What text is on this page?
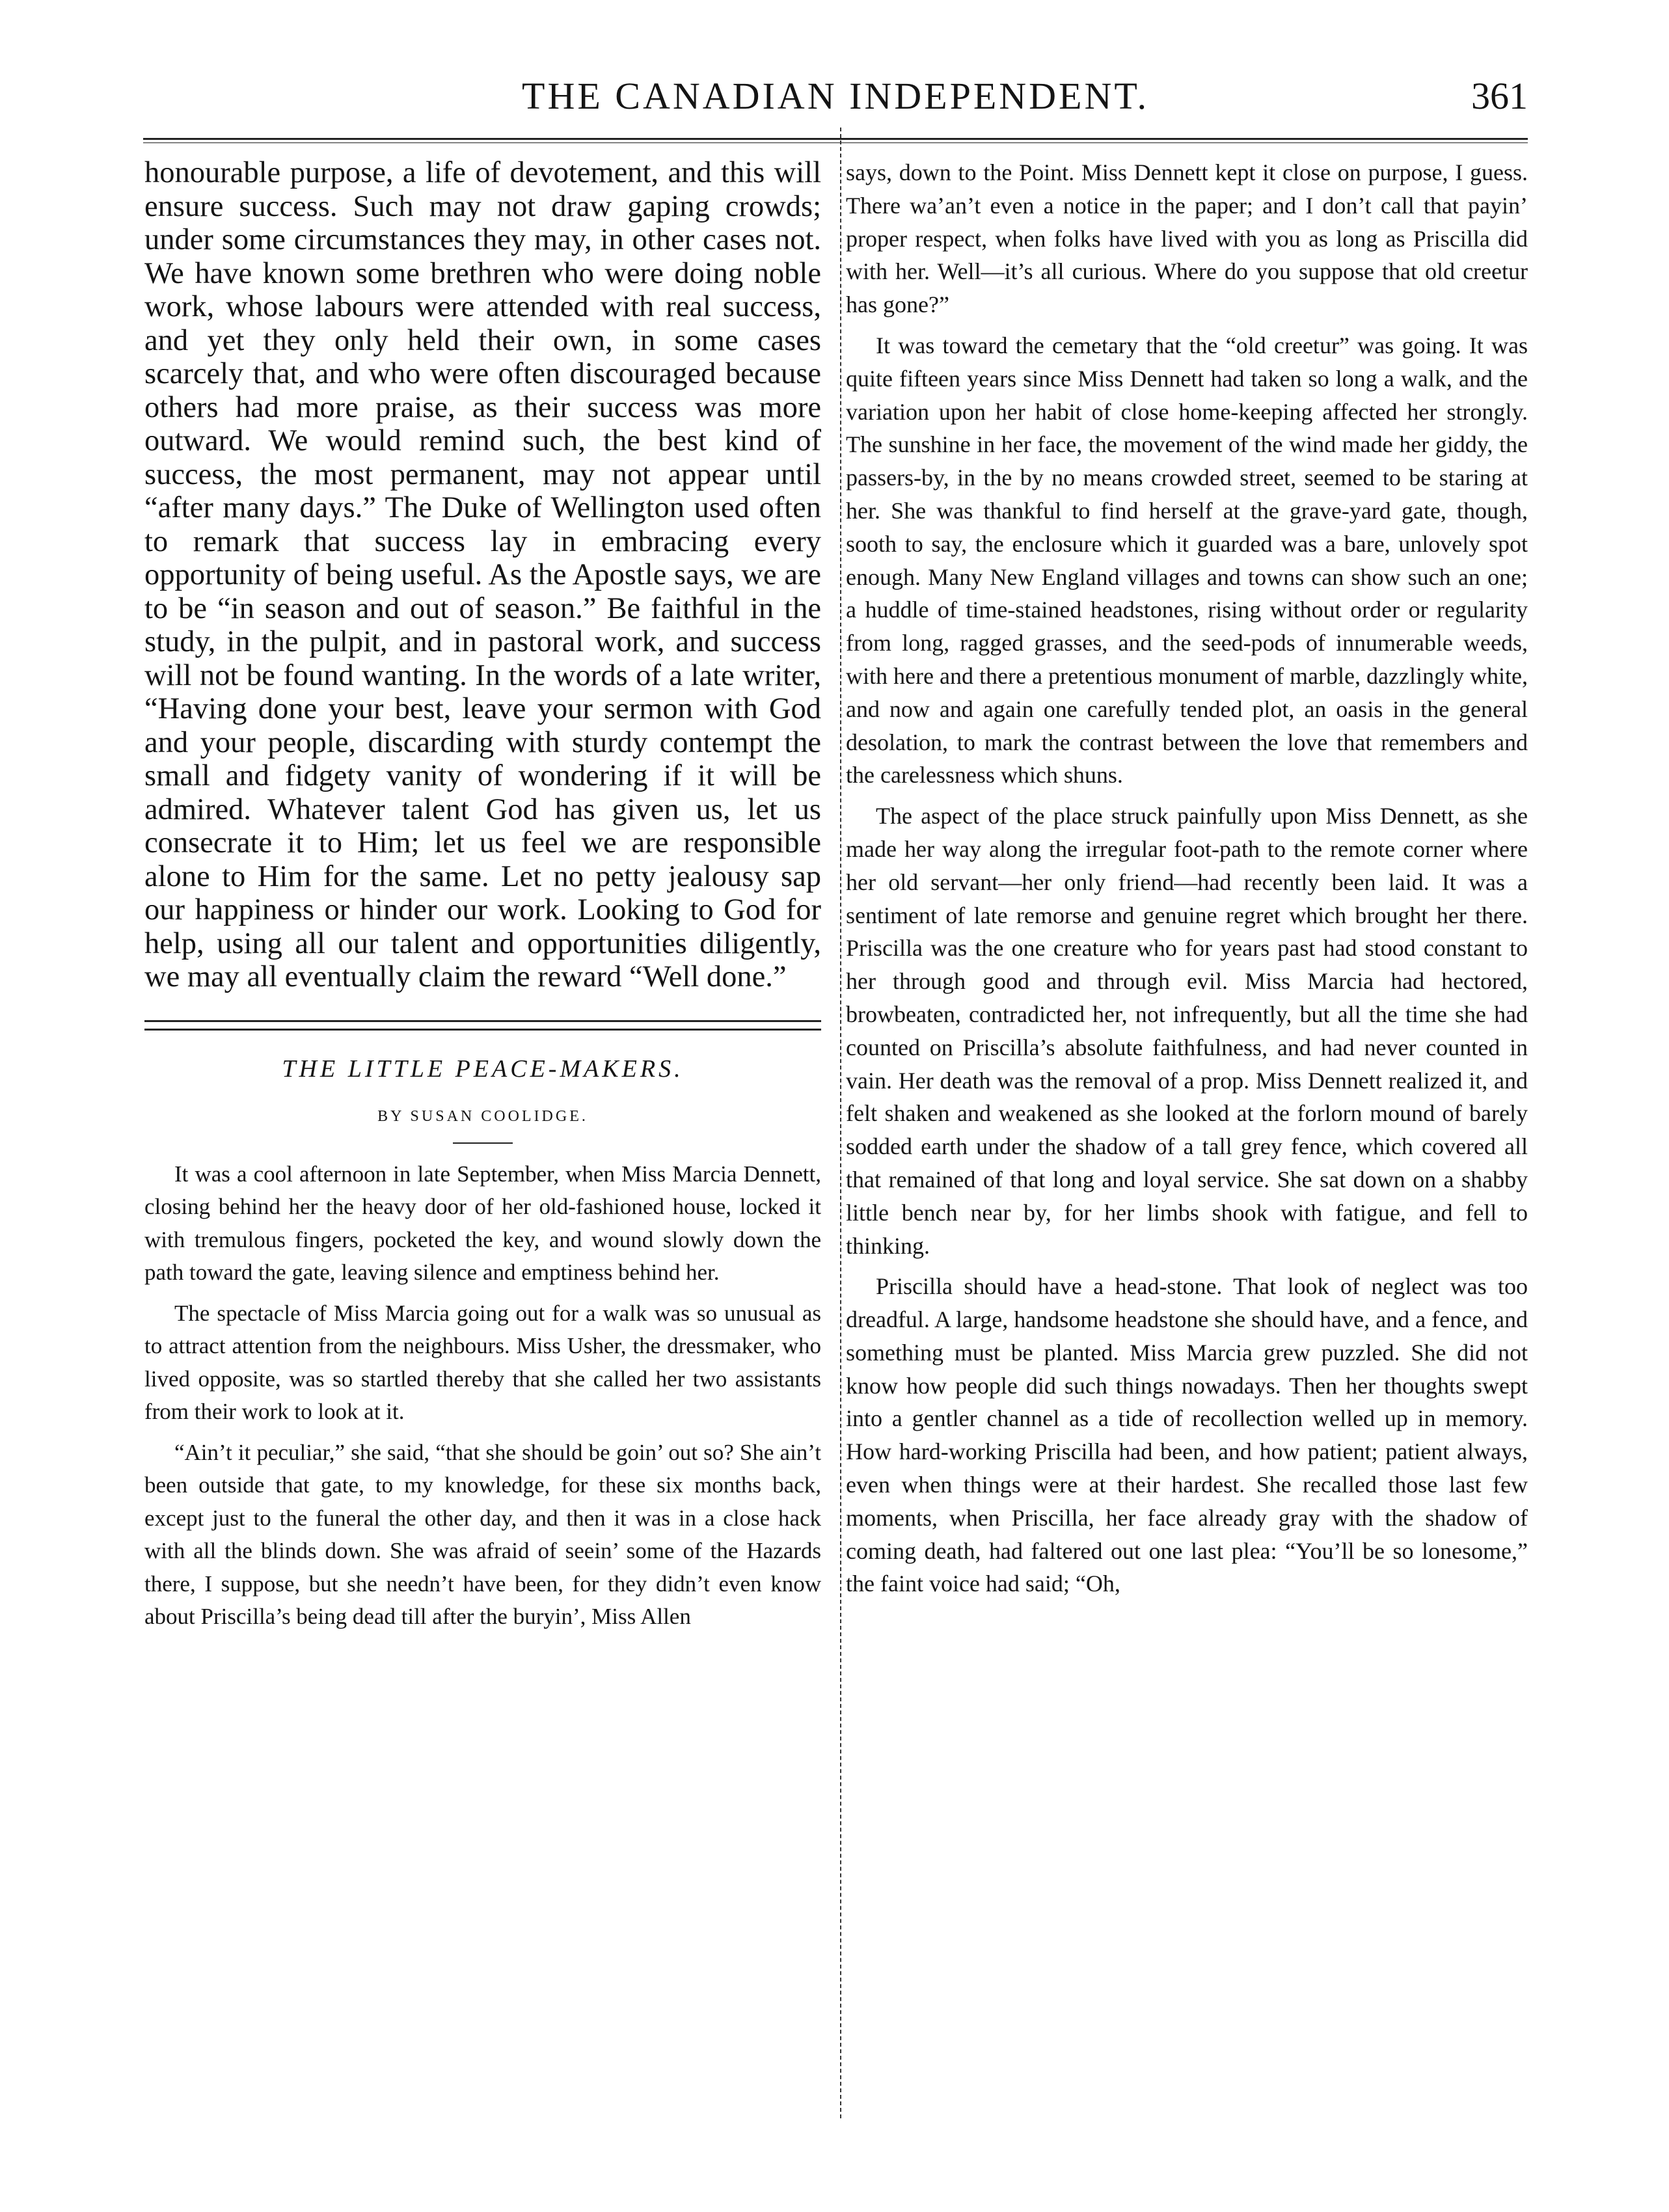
THE CANADIAN INDEPENDENT.	361

honourable purpose, a life of devotement, and this will ensure success. Such may not draw gaping crowds; under some circumstances they may, in other cases not. We have known some brethren who were doing noble work, whose labours were attended with real success, and yet they only held their own, in some cases scarcely that, and who were often discouraged because others had more praise, as their success was more outward. We would remind such, the best kind of success, the most permanent, may not appear until “after many days.” The Duke of Wellington used often to remark that success lay in embracing every opportunity of being useful. As the Apostle says, we are to be “in season and out of season.” Be faithful in the study, in the pulpit, and in pastoral work, and success will not be found wanting. In the words of a late writer, “Having done your best, leave your sermon with God and your people, discarding with sturdy contempt the small and fidgety vanity of wondering if it will be admired. Whatever talent God has given us, let us consecrate it to Him; let us feel we are responsible alone to Him for the same. Let no petty jealousy sap our happiness or hinder our work. Looking to God for help, using all our talent and opportunities diligently, we may all eventually claim the reward “Well done.”

THE LITTLE PEACE-MAKERS.
BY SUSAN COOLIDGE.

It was a cool afternoon in late September, when Miss Marcia Dennett, closing behind her the heavy door of her old-fashioned house, locked it with tremulous fingers, pocketed the key, and wound slowly down the path toward the gate, leaving silence and emptiness behind her.

The spectacle of Miss Marcia going out for a walk was so unusual as to attract attention from the neighbours. Miss Usher, the dressmaker, who lived opposite, was so startled thereby that she called her two assistants from their work to look at it.

“Ain’t it peculiar,” she said, “that she should be goin’ out so? She ain’t been outside that gate, to my knowledge, for these six months back, except just to the funeral the other day, and then it was in a close hack with all the blinds down. She was afraid of seein’ some of the Hazards there, I suppose, but she needn’t have been, for they didn’t even know about Priscilla’s being dead till after the buryin’, Miss Allen

says, down to the Point. Miss Dennett kept it close on purpose, I guess. There wa’an’t even a notice in the paper; and I don’t call that payin’ proper respect, when folks have lived with you as long as Priscilla did with her. Well—it’s all curious. Where do you suppose that old creetur has gone?”

It was toward the cemetary that the “old creetur” was going. It was quite fifteen years since Miss Dennett had taken so long a walk, and the variation upon her habit of close home-keeping affected her strongly. The sunshine in her face, the movement of the wind made her giddy, the passers-by, in the by no means crowded street, seemed to be staring at her. She was thankful to find herself at the grave-yard gate, though, sooth to say, the enclosure which it guarded was a bare, unlovely spot enough. Many New England villages and towns can show such an one; a huddle of time-stained headstones, rising without order or regularity from long, ragged grasses, and the seed-pods of innumerable weeds, with here and there a pretentious monument of marble, dazzlingly white, and now and again one carefully tended plot, an oasis in the general desolation, to mark the contrast between the love that remembers and the carelessness which shuns.

The aspect of the place struck painfully upon Miss Dennett, as she made her way along the irregular foot-path to the remote corner where her old servant—her only friend—had recently been laid. It was a sentiment of late remorse and genuine regret which brought her there. Priscilla was the one creature who for years past had stood constant to her through good and through evil. Miss Marcia had hectored, browbeaten, contradicted her, not infrequently, but all the time she had counted on Priscilla’s absolute faithfulness, and had never counted in vain. Her death was the removal of a prop. Miss Dennett realized it, and felt shaken and weakened as she looked at the forlorn mound of barely sodded earth under the shadow of a tall grey fence, which covered all that remained of that long and loyal service. She sat down on a shabby little bench near by, for her limbs shook with fatigue, and fell to thinking.

Priscilla should have a head-stone. That look of neglect was too dreadful. A large, handsome headstone she should have, and a fence, and something must be planted. Miss Marcia grew puzzled. She did not know how people did such things nowadays. Then her thoughts swept into a gentler channel as a tide of recollection welled up in memory. How hard-working Priscilla had been, and how patient; patient always, even when things were at their hardest. She recalled those last few moments, when Priscilla, her face already gray with the shadow of coming death, had faltered out one last plea: “You’ll be so lonesome,” the faint voice had said; “Oh,
